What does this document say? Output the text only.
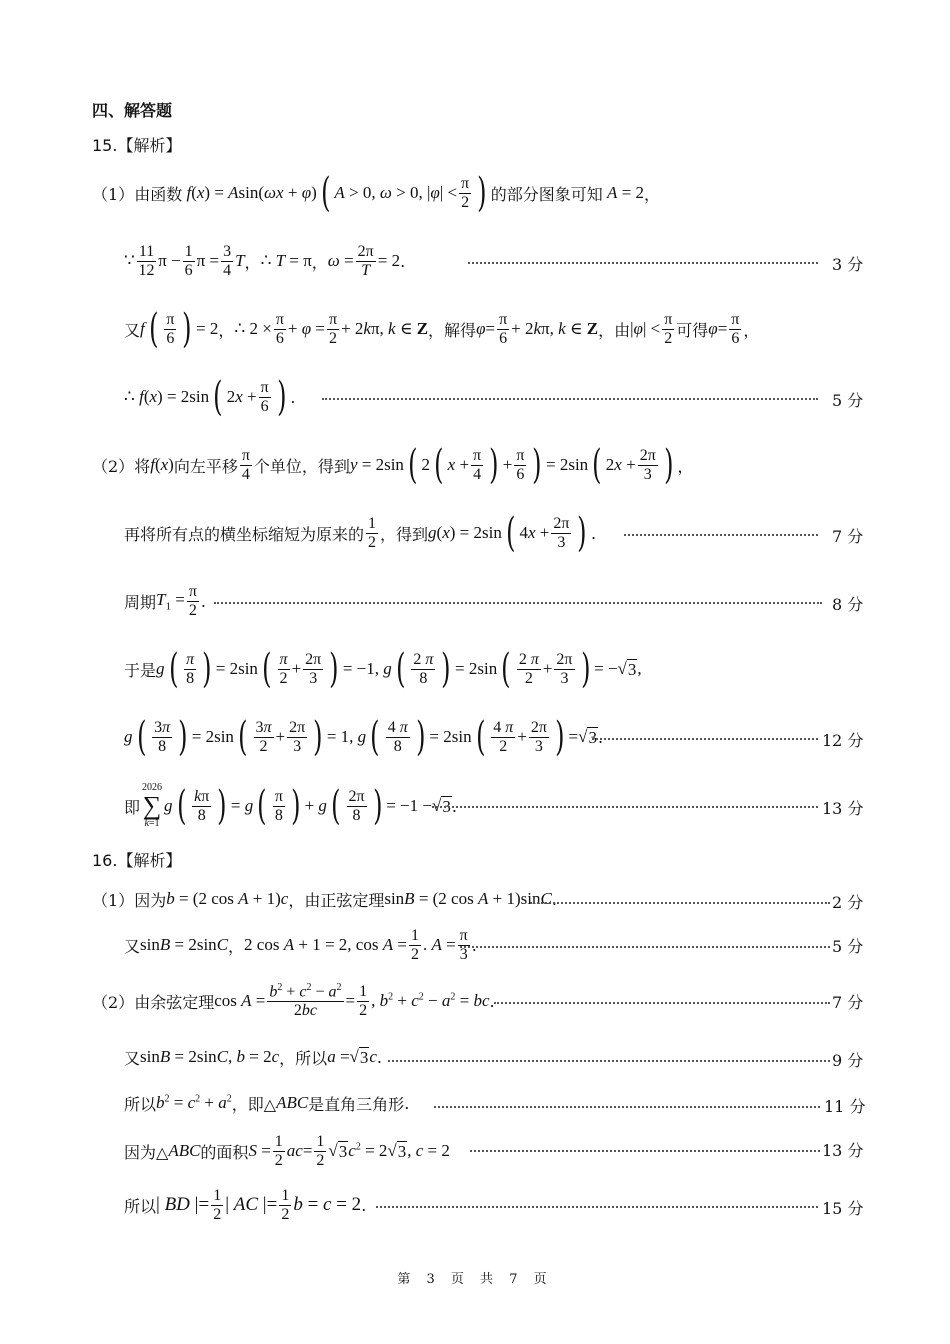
四、解答题
15.【解析】
（1） 由函数 f(x) = Asin(ωx + φ) ( A > 0, ω > 0, $|\varphi| < \frac{\pi}{2}$ ) 的部分图象可知 A = 2 ，
∵ $\frac{11}{12}$ $\pi - \frac{1}{6}$ $\pi = \frac{3}{4}$ T ， ∴ T = π ， $\omega = \frac{2\pi}{T} = 2$ .	3 分
又 f ( $\frac{\pi}{6}$ ) = 2 ， ∴ $2 \times \frac{\pi}{6} + \varphi = \frac{\pi}{2} + 2k\pi$, k ∈ Z ， 解得 $\varphi = \frac{\pi}{6} + 2k\pi$, k ∈ Z ， 由 $|\varphi| < \frac{\pi}{2}$ 可得 $\varphi = \frac{\pi}{6}$ ，
∴ f(x) = 2sin ( $2x + \frac{\pi}{6}$ ) .	5 分
（2） 将 f(x) 向左平移 $\frac{\pi}{4}$ 个单位，得到 y = 2sin ( 2 ( $x + \frac{\pi}{4}$ ) + $\frac{\pi}{6}$ ) = 2sin ( $2x + \frac{2\pi}{3}$ ) ，
再将所有点的横坐标缩短为原来的 $\frac{1}{2}$ ，得到 g(x) = 2sin ( $4x + \frac{2\pi}{3}$ ) .	7 分
周期 $T_1 = \frac{\pi}{2}$ .	8 分
于是 g ( $\frac{\pi}{8}$ ) = 2sin ( $\frac{\pi}{2} + \frac{2\pi}{3}$ ) = −1, g ( $\frac{2 \pi}{8}$ ) = 2sin ( $\frac{2 \pi}{2} + \frac{2\pi}{3}$ ) = − √ 3 ,
g ( $\frac{3\pi}{8}$ ) = 2sin ( $\frac{3\pi}{2} + \frac{2\pi}{3}$ ) = 1, g ( $\frac{4 \pi}{8}$ ) = 2sin ( $\frac{4 \pi}{2} + \frac{2\pi}{3}$ ) = √ 3 .	12 分
即
2026
∑
k=1
g ( $\frac{k\pi}{8}$ ) = g ( $\frac{\pi}{8}$ ) + g ( $\frac{2\pi}{8}$ ) = −1 − √ 3 .	13 分
16.【解析】
（1） 因为 b = (2 cos A + 1)c ，由正弦定理 sinB = (2 cos A + 1)sinC .	2 分
又 sinB = 2sinC ， 2 cos A + 1 = 2, $\cos A = \frac{1}{2}$ . $A = \frac{\pi}{3}$ .	5 分
（2） 由余弦定理 $\cos A = \frac{b^2 + c^2 - a^2}{2bc} = \frac{1}{2}$ , $b^2 + c^2 - a^2$ = bc .	7 分
又 sinB = 2sinC, b = 2c ，所以 a = √ 3 c .	9 分
所以 $b^2 = c^2 + a^2$ ，即△ ABC 是直角三角形 .	11 分
因为△ ABC 的面积 $S = \frac{1}{2}$ ac = $\frac{1}{2}$ √ 3 $c^2 = 2$ √ 3 , c = 2	13 分
所以 | BD |= $\frac{1}{2}$ | AC |= $\frac{1}{2}$ b = c = 2 .	15 分
第 3 页 共 7 页
